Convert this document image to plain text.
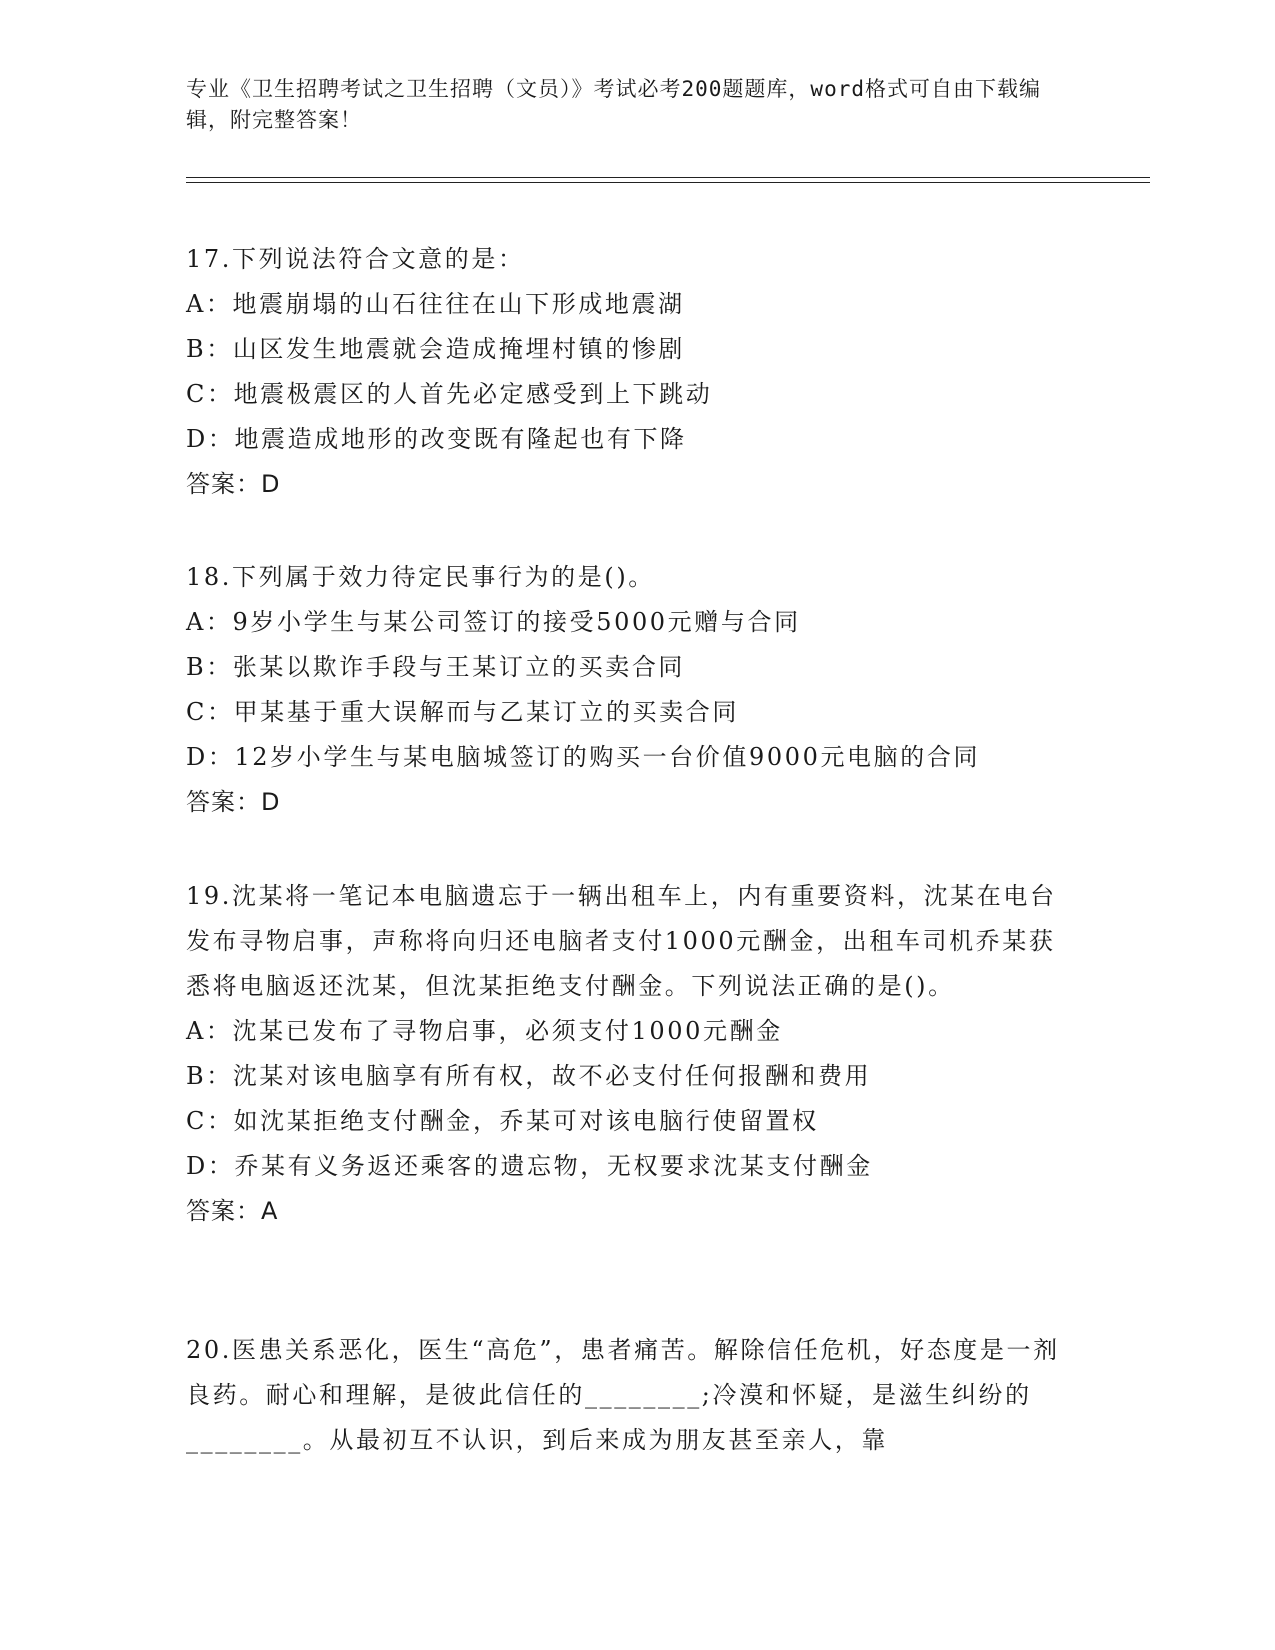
专业《卫生招聘考试之卫生招聘（文员）》考试必考200题题库，word格式可自由下载编辑，附完整答案！
17.下列说法符合文意的是：
A：地震崩塌的山石往往在山下形成地震湖
B：山区发生地震就会造成掩埋村镇的惨剧
C：地震极震区的人首先必定感受到上下跳动
D：地震造成地形的改变既有隆起也有下降
答案：D
18.下列属于效力待定民事行为的是()。
A：9岁小学生与某公司签订的接受5000元赠与合同
B：张某以欺诈手段与王某订立的买卖合同
C：甲某基于重大误解而与乙某订立的买卖合同
D：12岁小学生与某电脑城签订的购买一台价值9000元电脑的合同
答案：D
19.沈某将一笔记本电脑遗忘于一辆出租车上，内有重要资料，沈某在电台发布寻物启事，声称将向归还电脑者支付1000元酬金，出租车司机乔某获悉将电脑返还沈某，但沈某拒绝支付酬金。下列说法正确的是()。
A：沈某已发布了寻物启事，必须支付1000元酬金
B：沈某对该电脑享有所有权，故不必支付任何报酬和费用
C：如沈某拒绝支付酬金，乔某可对该电脑行使留置权
D：乔某有义务返还乘客的遗忘物，无权要求沈某支付酬金
答案：A
20.医患关系恶化，医生“高危”，患者痛苦。解除信任危机，好态度是一剂良药。耐心和理解，是彼此信任的________;冷漠和怀疑，是滋生纠纷的________。从最初互不认识，到后来成为朋友甚至亲人，靠
